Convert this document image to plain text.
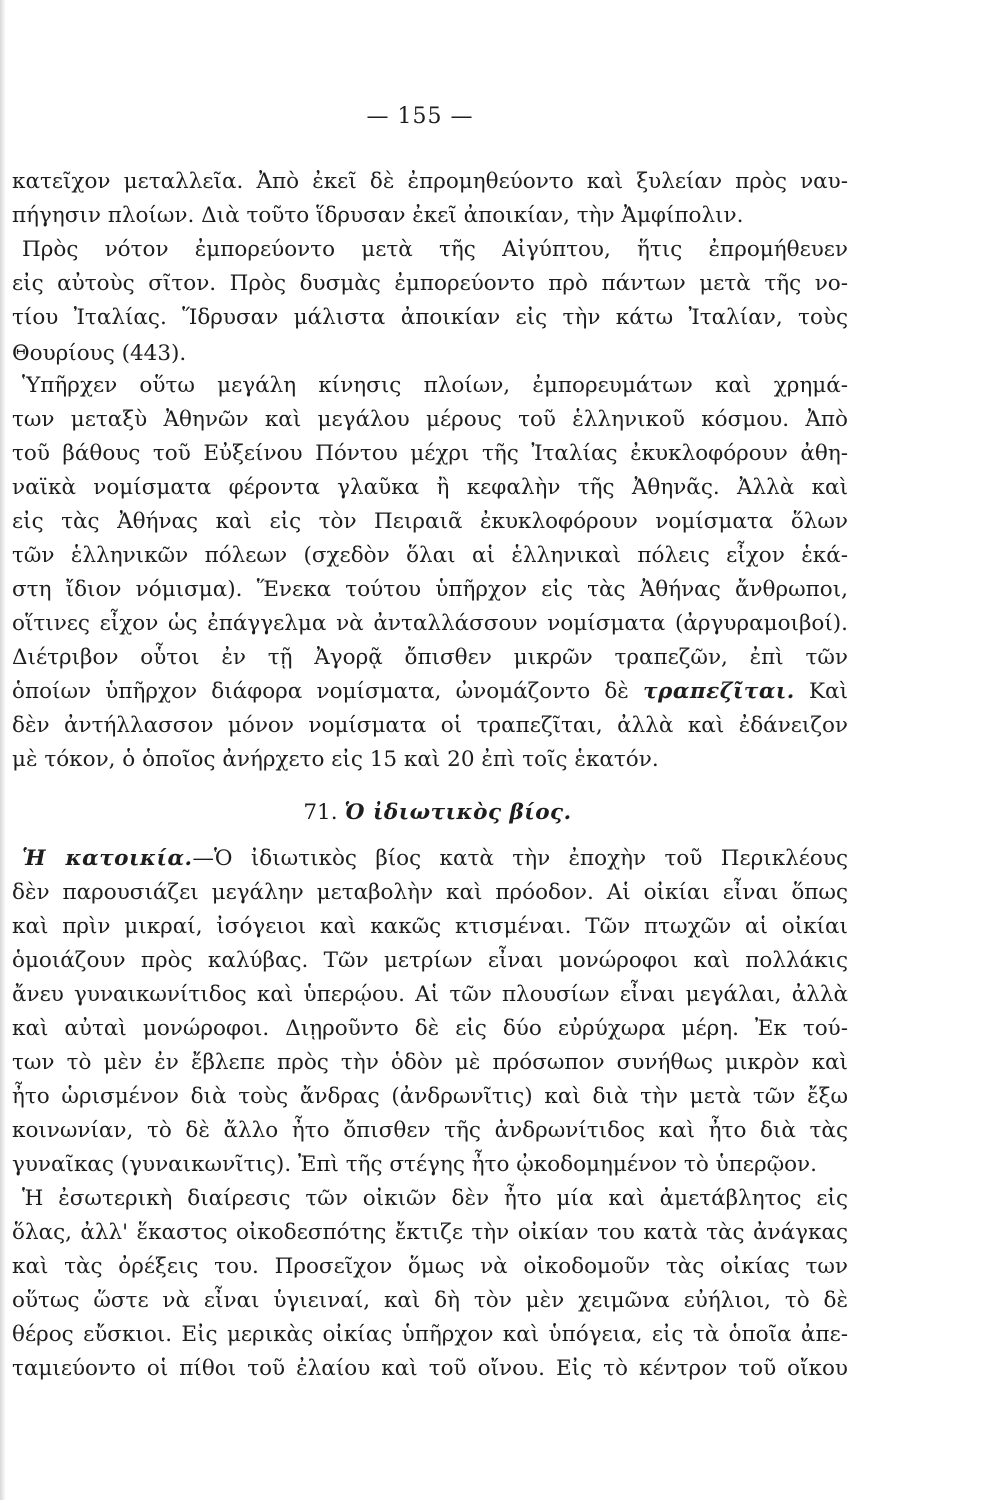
— 155 —
κατεῖχον μεταλλεῖα. Ἀπὸ ἐκεῖ δὲ ἐπρομηθεύοντο καὶ ξυλείαν πρὸς ναυ-
πήγησιν πλοίων. Διὰ τοῦτο ἵδρυσαν ἐκεῖ ἀποικίαν, τὴν Ἀμφίπολιν.
Πρὸς νότον ἐμπορεύοντο μετὰ τῆς Αἰγύπτου, ἥτις ἐπρομήθευεν
εἰς αὐτοὺς σῖτον. Πρὸς δυσμὰς ἐμπορεύοντο πρὸ πάντων μετὰ τῆς νο-
τίου Ἰταλίας. Ἵδρυσαν μάλιστα ἀποικίαν εἰς τὴν κάτω Ἰταλίαν, τοὺς
Θουρίους (443).
Ὑπῆρχεν οὕτω μεγάλη κίνησις πλοίων, ἐμπορευμάτων καὶ χρημά-
των μεταξὺ Ἀθηνῶν καὶ μεγάλου μέρους τοῦ ἑλληνικοῦ κόσμου. Ἀπὸ
τοῦ βάθους τοῦ Εὐξείνου Πόντου μέχρι τῆς Ἰταλίας ἐκυκλοφόρουν ἀθη-
ναϊκὰ νομίσματα φέροντα γλαῦκα ἢ κεφαλὴν τῆς Ἀθηνᾶς. Ἀλλὰ καὶ
εἰς τὰς Ἀθήνας καὶ εἰς τὸν Πειραιᾶ ἐκυκλοφόρουν νομίσματα ὅλων
τῶν ἑλληνικῶν πόλεων (σχεδὸν ὅλαι αἱ ἑλληνικαὶ πόλεις εἶχον ἑκά-
στη ἴδιον νόμισμα). Ἕνεκα τούτου ὑπῆρχον εἰς τὰς Ἀθήνας ἄνθρωποι,
οἵτινες εἶχον ὡς ἐπάγγελμα νὰ ἀνταλλάσσουν νομίσματα (ἀργυραμοιβοί).
Διέτριβον οὗτοι ἐν τῇ Ἀγορᾷ ὄπισθεν μικρῶν τραπεζῶν, ἐπὶ τῶν
ὁποίων ὑπῆρχον διάφορα νομίσματα, ὠνομάζοντο δὲ τραπεζῖται. Καὶ
δὲν ἀντήλλασσον μόνον νομίσματα οἱ τραπεζῖται, ἀλλὰ καὶ ἐδάνειζον
μὲ τόκον, ὁ ὁποῖος ἀνήρχετο εἰς 15 καὶ 20 ἐπὶ τοῖς ἑκατόν.
71. Ὁ ἰδιωτικὸς βίος.
Ἡ κατοικία.—Ὁ ἰδιωτικὸς βίος κατὰ τὴν ἐποχὴν τοῦ Περικλέους
δὲν παρουσιάζει μεγάλην μεταβολὴν καὶ πρόοδον. Αἱ οἰκίαι εἶναι ὅπως
καὶ πρὶν μικραί, ἰσόγειοι καὶ κακῶς κτισμέναι. Τῶν πτωχῶν αἱ οἰκίαι
ὁμοιάζουν πρὸς καλύβας. Τῶν μετρίων εἶναι μονώροφοι καὶ πολλάκις
ἄνευ γυναικωνίτιδος καὶ ὑπερῴου. Αἱ τῶν πλουσίων εἶναι μεγάλαι, ἀλλὰ
καὶ αὐταὶ μονώροφοι. Διῃροῦντο δὲ εἰς δύο εὐρύχωρα μέρη. Ἐκ τού-
των τὸ μὲν ἐν ἔβλεπε πρὸς τὴν ὁδὸν μὲ πρόσωπον συνήθως μικρὸν καὶ
ἦτο ὡρισμένον διὰ τοὺς ἄνδρας (ἀνδρωνῖτις) καὶ διὰ τὴν μετὰ τῶν ἔξω
κοινωνίαν, τὸ δὲ ἄλλο ἦτο ὄπισθεν τῆς ἀνδρωνίτιδος καὶ ἦτο διὰ τὰς
γυναῖκας (γυναικωνῖτις). Ἐπὶ τῆς στέγης ἦτο ᾠκοδομημένον τὸ ὑπερῷον.
Ἡ ἐσωτερικὴ διαίρεσις τῶν οἰκιῶν δὲν ἦτο μία καὶ ἀμετάβλητος εἰς
ὅλας, ἀλλ' ἕκαστος οἰκοδεσπότης ἔκτιζε τὴν οἰκίαν του κατὰ τὰς ἀνάγκας
καὶ τὰς ὀρέξεις του. Προσεῖχον ὅμως νὰ οἰκοδομοῦν τὰς οἰκίας των
οὕτως ὥστε νὰ εἶναι ὑγιειναί, καὶ δὴ τὸν μὲν χειμῶνα εὐήλιοι, τὸ δὲ
θέρος εὔσκιοι. Εἰς μερικὰς οἰκίας ὑπῆρχον καὶ ὑπόγεια, εἰς τὰ ὁποῖα ἀπε-
ταμιεύοντο οἱ πίθοι τοῦ ἐλαίου καὶ τοῦ οἴνου. Εἰς τὸ κέντρον τοῦ οἴκου
